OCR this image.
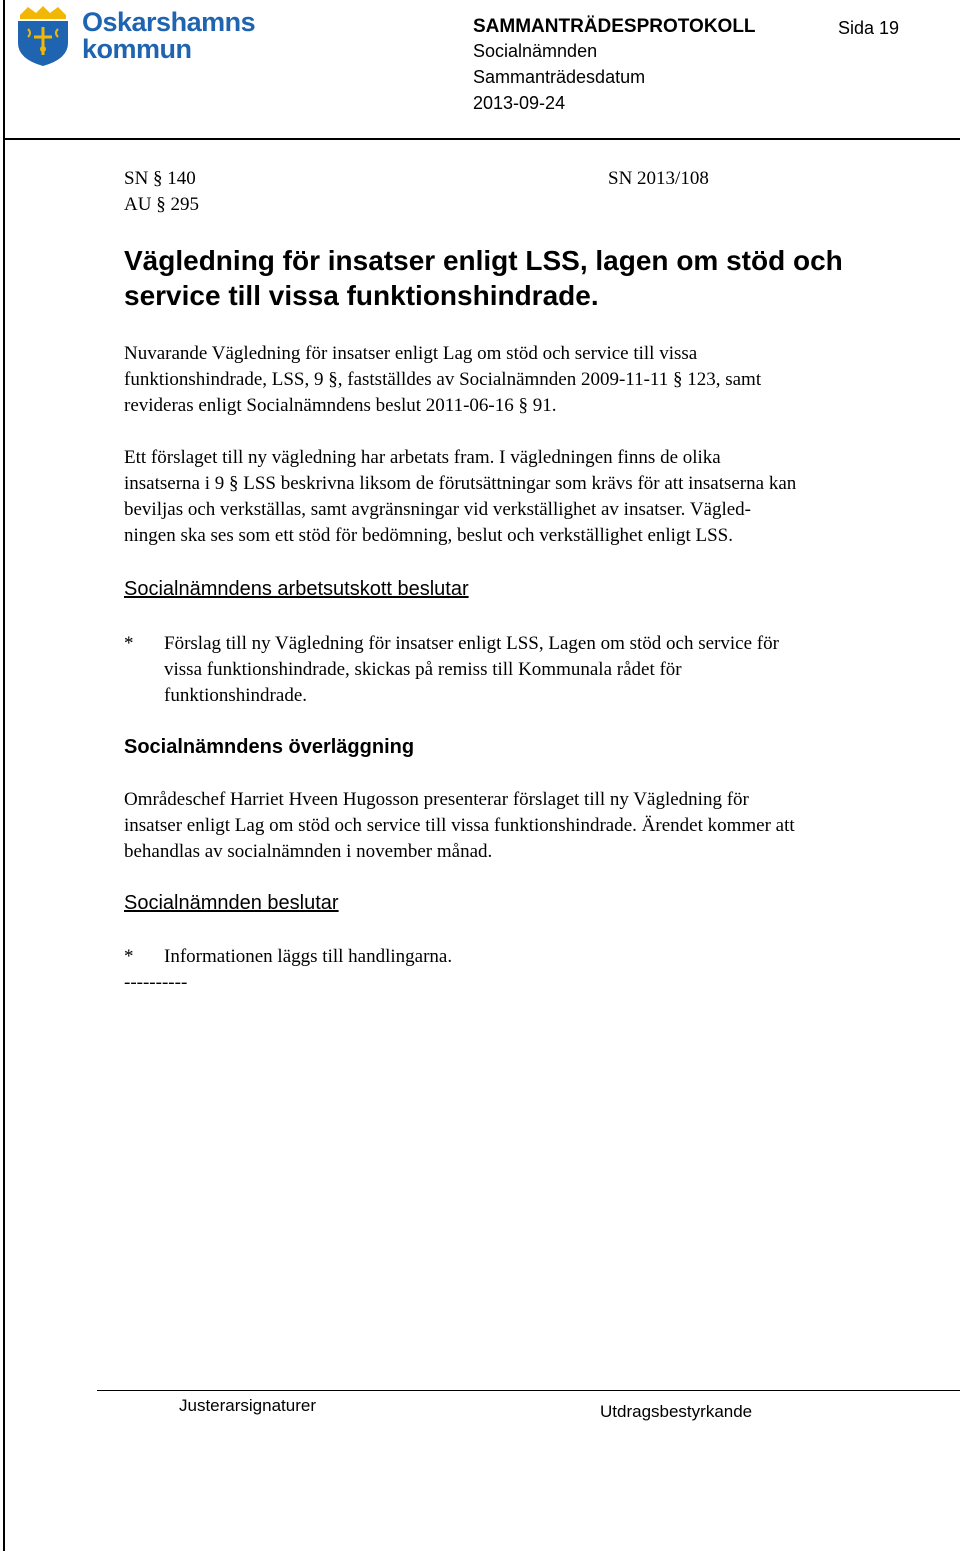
Oskarshamns
kommun
SAMMANTRÄDESPROTOKOLL	Sida 19
Socialnämnden
Sammanträdesdatum
2013-09-24
SN § 140
AU § 295
SN 2013/108
Vägledning för insatser enligt LSS, lagen om stöd och
service till vissa funktionshindrade.
Nuvarande Vägledning för insatser enligt Lag om stöd och service till vissa
funktionshindrade, LSS, 9 §, fastställdes av Socialnämnden 2009-11-11 § 123, samt
revideras enligt Socialnämndens beslut 2011-06-16 § 91.
Ett förslaget till ny vägledning har arbetats fram. I vägledningen finns de olika
insatserna i 9 § LSS beskrivna liksom de förutsättningar som krävs för att insatserna kan
beviljas och verkställas, samt avgränsningar vid verkställighet av insatser. Vägled-
ningen ska ses som ett stöd för bedömning, beslut och verkställighet enligt LSS.
Socialnämndens arbetsutskott beslutar
* Förslag till ny Vägledning för insatser enligt LSS, Lagen om stöd och service för
vissa funktionshindrade, skickas på remiss till Kommunala rådet för
funktionshindrade.
Socialnämndens överläggning
Områdeschef Harriet Hveen Hugosson presenterar förslaget till ny Vägledning för
insatser enligt Lag om stöd och service till vissa funktionshindrade. Ärendet kommer att
behandlas av socialnämnden i november månad.
Socialnämnden beslutar
* Informationen läggs till handlingarna.
----------
Justerarsignaturer	Utdragsbestyrkande
